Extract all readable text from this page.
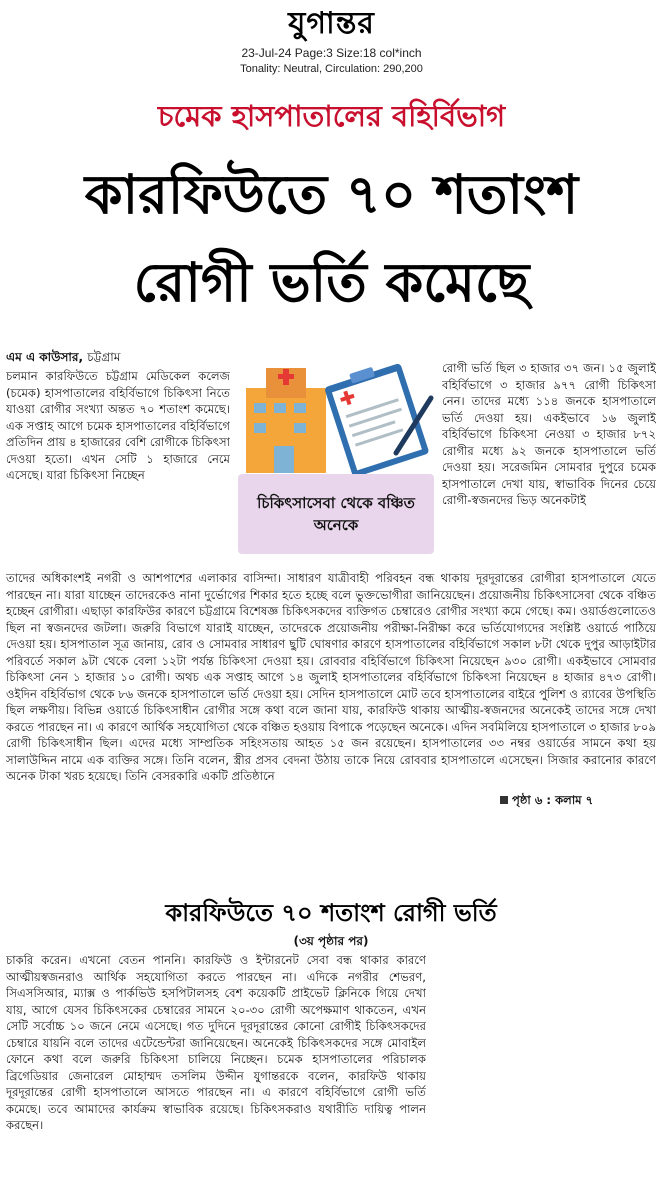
যুগান্তর
23-Jul-24 Page:3 Size:18 col*inch
Tonality: Neutral, Circulation: 290,200
চমেক হাসপাতালের বহির্বিভাগ
কারফিউতে ৭০ শতাংশ
রোগী ভর্তি কমেছে
এম এ কাউসার, চট্টগ্রাম

চলমান কারফিউতে চট্টগ্রাম মেডিকেল কলেজ (চমেক) হাসপাতালের বহির্বিভাগে চিকিৎসা নিতে যাওয়া রোগীর সংখ্যা অন্তত ৭০ শতাংশ কমেছে। এক সপ্তাহ আগে চমেক হাসপাতালের বহির্বিভাগে প্রতিদিন প্রায় ৪ হাজারের বেশি রোগীকে চিকিৎসা দেওয়া হতো। এখন সেটি ১ হাজারে নেমে এসেছে। যারা চিকিৎসা নিচ্ছেন

চিকিৎসাসেবা থেকে বঞ্চিত অনেকে

রোগী ভর্তি ছিল ৩ হাজার ৩৭ জন। ১৫ জুলাই বহির্বিভাগে ৩ হাজার ৯৭৭ রোগী চিকিৎসা নেন। তাদের মধ্যে ১১৪ জনকে হাসপাতালে ভর্তি দেওয়া হয়। একইভাবে ১৬ জুলাই বহির্বিভাগে চিকিৎসা নেওয়া ৩ হাজার ৮৭২ রোগীর মধ্যে ৯২ জনকে হাসপাতালে ভর্তি দেওয়া হয়। সরেজমিন সোমবার দুপুরে চমেক হাসপাতালে দেখা যায়, স্বাভাবিক দিনের চেয়ে রোগী-স্বজনদের ভিড় অনেকটাই

তাদের অধিকাংশই নগরী ও আশপাশের এলাকার বাসিন্দা। সাধারণ যাত্রীবাহী পরিবহন বন্ধ থাকায় দূরদূরান্তের রোগীরা হাসপাতালে যেতে পারছেন না। যারা যাচ্ছেন তাদেরকেও নানা দুর্ভোগের শিকার হতে হচ্ছে বলে ভুক্তভোগীরা জানিয়েছেন। প্রয়োজনীয় চিকিৎসাসেবা থেকে বঞ্চিত হচ্ছেন রোগীরা। এছাড়া কারফিউর কারণে চট্টগ্রামে বিশেষজ্ঞ চিকিৎসকদের ব্যক্তিগত চেম্বারেও রোগীর সংখ্যা কমে গেছে। কম। ওয়ার্ডগুলোতেও ছিল না স্বজনদের জটলা। জরুরি বিভাগে যারাই যাচ্ছেন, তাদেরকে প্রয়োজনীয় পরীক্ষা-নিরীক্ষা করে ভর্তিযোগ্যদের সংশ্লিষ্ট ওয়ার্ডে পাঠিয়ে দেওয়া হয়। হাসপাতাল সূত্র জানায়, রোব ও সোমবার সাধারণ ছুটি ঘোষণার কারণে হাসপাতালের বহির্বিভাগে সকাল ৮টা থেকে দুপুর আড়াইটার পরিবর্তে সকাল ৯টা থেকে বেলা ১২টা পর্যন্ত চিকিৎসা দেওয়া হয়। রোববার বহির্বিভাগে চিকিৎসা নিয়েছেন ৯৩০ রোগী। একইভাবে সোমবার চিকিৎসা নেন ১ হাজার ১০ রোগী। অথচ এক সপ্তাহ আগে ১৪ জুলাই হাসপাতালের বহির্বিভাগে চিকিৎসা নিয়েছেন ৪ হাজার ৪৭৩ রোগী। ওইদিন বহির্বিভাগ থেকে ৮৬ জনকে হাসপাতালে ভর্তি দেওয়া হয়। সেদিন হাসপাতালে মোট তবে হাসপাতালের বাইরে পুলিশ ও র‌্যাবের উপস্থিতি ছিল লক্ষণীয়। বিভিন্ন ওয়ার্ডে চিকিৎসাধীন রোগীর সঙ্গে কথা বলে জানা যায়, কারফিউ থাকায় আত্মীয়-স্বজনদের অনেকেই তাদের সঙ্গে দেখা করতে পারছেন না। এ কারণে আর্থিক সহযোগিতা থেকে বঞ্চিত হওয়ায় বিপাকে পড়েছেন অনেকে। এদিন সবমিলিয়ে হাসপাতালে ৩ হাজার ৮০৯ রোগী চিকিৎসাধীন ছিল। এদের মধ্যে সাম্প্রতিক সহিংসতায় আহত ১৫ জন রয়েছেন। হাসপাতালের ৩৩ নম্বর ওয়ার্ডের সামনে কথা হয় সালাউদ্দিন নামে এক ব্যক্তির সঙ্গে। তিনি বলেন, স্ত্রীর প্রসব বেদনা উঠায় তাকে নিয়ে রোববার হাসপাতালে এসেছেন। সিজার করানোর কারণে অনেক টাকা খরচ হয়েছে। তিনি বেসরকারি একটি প্রতিষ্ঠানে

পৃষ্ঠা ৬ : কলাম ৭
কারফিউতে ৭০ শতাংশ রোগী ভর্তি
(৩য় পৃষ্ঠার পর)

চাকরি করেন। এখনো বেতন পাননি। কারফিউ ও ইন্টারনেট সেবা বন্ধ থাকার কারণে আত্মীয়স্বজনরাও আর্থিক সহযোগিতা করতে পারছেন না। এদিকে নগরীর শেভরণ, সিএসসিআর, ম্যাক্স ও পার্কভিউ হসপিটালসহ বেশ কয়েকটি প্রাইভেট ক্লিনিকে গিয়ে দেখা যায়, আগে যেসব চিকিৎসকের চেম্বারের সামনে ২০-৩০ রোগী অপেক্ষমাণ থাকতেন, এখন সেটি সর্বোচ্চ ১০ জনে নেমে এসেছে। গত দুদিনে দূরদূরান্তের কোনো রোগীই চিকিৎসকদের চেম্বারে যায়নি বলে তাদের এটেন্ডেন্টরা জানিয়েছেন। অনেকেই চিকিৎসকদের সঙ্গে মোবাইল ফোনে কথা বলে জরুরি চিকিৎসা চালিয়ে নিচ্ছেন। চমেক হাসপাতালের পরিচালক ব্রিগেডিয়ার জেনারেল মোহাম্মদ তসলিম উদ্দীন যুগান্তরকে বলেন, কারফিউ থাকায় দূরদূরান্তের রোগী হাসপাতালে আসতে পারছেন না। এ কারণে বহির্বিভাগে রোগী ভর্তি কমেছে। তবে আমাদের কার্যক্রম স্বাভাবিক রয়েছে। চিকিৎসকরাও যথারীতি দায়িত্ব পালন করছেন।
